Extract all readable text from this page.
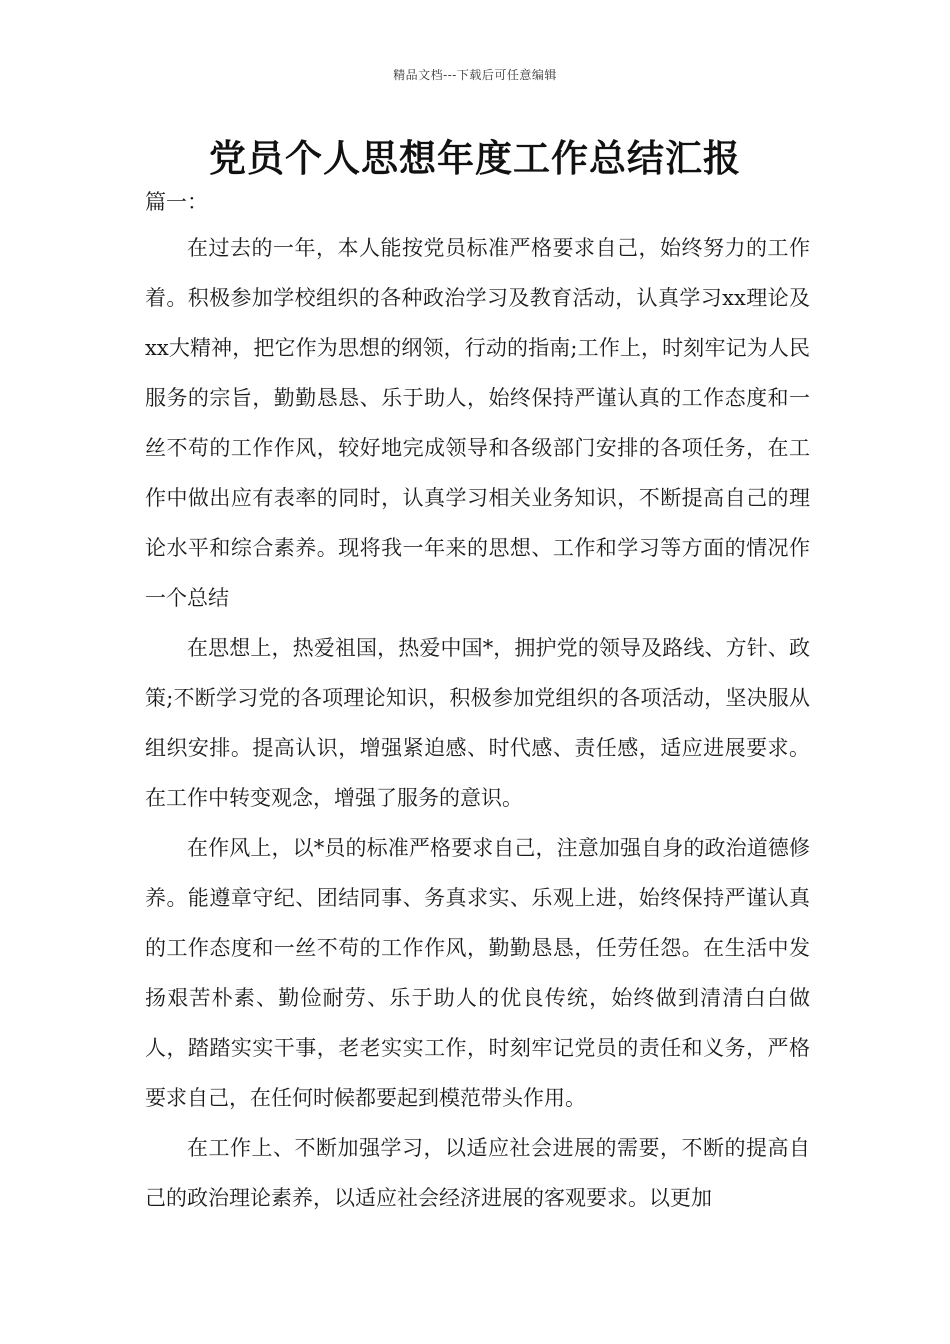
精品文档---下载后可任意编辑
党员个人思想年度工作总结汇报

篇一：

在过去的一年，本人能按党员标准严格要求自己，始终努力的工作着。积极参加学校组织的各种政治学习及教育活动，认真学习xx理论及xx大精神，把它作为思想的纲领，行动的指南;工作上，时刻牢记为人民服务的宗旨，勤勤恳恳、乐于助人，始终保持严谨认真的工作态度和一丝不苟的工作作风，较好地完成领导和各级部门安排的各项任务，在工作中做出应有表率的同时，认真学习相关业务知识，不断提高自己的理论水平和综合素养。现将我一年来的思想、工作和学习等方面的情况作一个总结

在思想上，热爱祖国，热爱中国*，拥护党的领导及路线、方针、政策;不断学习党的各项理论知识，积极参加党组织的各项活动，坚决服从组织安排。提高认识，增强紧迫感、时代感、责任感，适应进展要求。在工作中转变观念，增强了服务的意识。

在作风上，以*员的标准严格要求自己，注意加强自身的政治道德修养。能遵章守纪、团结同事、务真求实、乐观上进，始终保持严谨认真的工作态度和一丝不苟的工作作风，勤勤恳恳，任劳任怨。在生活中发扬艰苦朴素、勤俭耐劳、乐于助人的优良传统，始终做到清清白白做人，踏踏实实干事，老老实实工作，时刻牢记党员的责任和义务，严格要求自己，在任何时候都要起到模范带头作用。

在工作上、不断加强学习，以适应社会进展的需要，不断的提高自己的政治理论素养，以适应社会经济进展的客观要求。以更加
